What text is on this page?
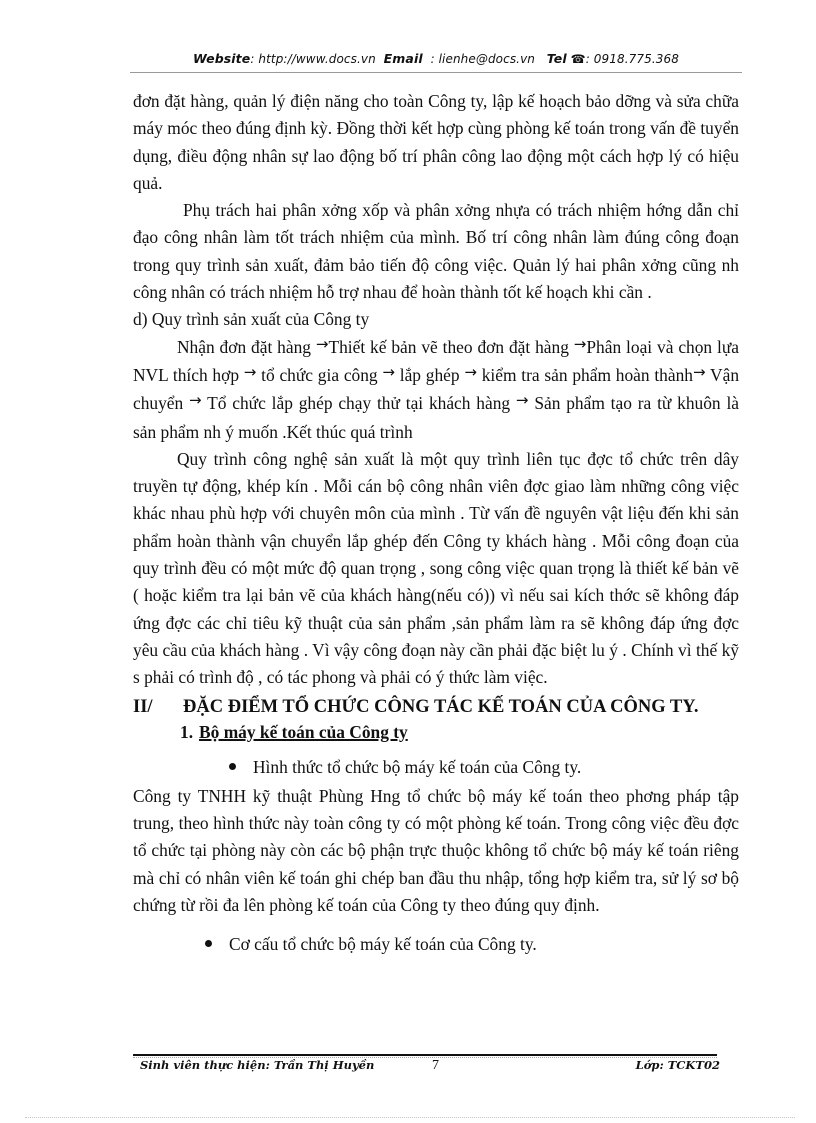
Website: http://www.docs.vn Email : lienhe@docs.vn Tel ☎: 0918.775.368

đơn đặt hàng, quản lý điện năng cho toàn Công ty, lập kế hoạch bảo dỡng và sửa chữa máy móc theo đúng định kỳ. Đồng thời kết hợp cùng phòng kế toán trong vấn đề tuyển dụng, điều động nhân sự lao động bố trí phân công lao động một cách hợp lý có hiệu quả.

Phụ trách hai phân xởng xốp và phân xởng nhựa có trách nhiệm hớng dẫn chỉ đạo công nhân làm tốt trách nhiệm của mình. Bố trí công nhân làm đúng công đoạn trong quy trình sản xuất, đảm bảo tiến độ công việc. Quản lý hai phân xởng cũng nh công nhân có trách nhiệm hỗ trợ nhau để hoàn thành tốt kế hoạch khi cần .

d) Quy trình sản xuất của Công ty

Nhận đơn đặt hàng →Thiết kế bản vẽ theo đơn đặt hàng →Phân loại và chọn lựa NVL thích hợp → tổ chức gia công → lắp ghép → kiểm tra sản phẩm hoàn thành→ Vận chuyển → Tổ chức lắp ghép chạy thử tại khách hàng → Sản phẩm tạo ra từ khuôn là sản phẩm nh ý muốn .Kết thúc quá trình

Quy trình công nghệ sản xuất là một quy trình liên tục đợc tổ chức trên dây truyền tự động, khép kín . Mỗi cán bộ công nhân viên đợc giao làm những công việc khác nhau phù hợp với chuyên môn của mình . Từ vấn đề nguyên vật liệu đến khi sản phẩm hoàn thành vận chuyển lắp ghép đến Công ty khách hàng . Mỗi công đoạn của quy trình đều có một mức độ quan trọng , song công việc quan trọng là thiết kế bản vẽ ( hoặc kiểm tra lại bản vẽ của khách hàng(nếu có)) vì nếu sai kích thớc sẽ không đáp ứng đợc các chỉ tiêu kỹ thuật của sản phẩm ,sản phẩm làm ra sẽ không đáp ứng đợc yêu cầu của khách hàng . Vì vậy công đoạn này cần phải đặc biệt lu ý . Chính vì thế kỹ s phải có trình độ , có tác phong và phải có ý thức làm việc.

II/	ĐẶC ĐIỂM TỔ CHỨC CÔNG TÁC KẾ TOÁN CỦA CÔNG TY.
1. Bộ máy kế toán của Công ty
Hình thức tổ chức bộ máy kế toán của Công ty.

Công ty TNHH kỹ thuật Phùng Hng tổ chức bộ máy kế toán theo phơng pháp tập trung, theo hình thức này toàn công ty có một phòng kế toán. Trong công việc đều đợc tổ chức tại phòng này còn các bộ phận trực thuộc không tổ chức bộ máy kế toán riêng mà chỉ có nhân viên kế toán ghi chép ban đầu thu nhập, tổng hợp kiểm tra, sử lý sơ bộ chứng từ rồi đa lên phòng kế toán của Công ty theo đúng quy định.

Cơ cấu tổ chức bộ máy kế toán của Công ty.
Sinh viên thực hiện: Trần Thị Huyền	7	Lớp: TCKT02
